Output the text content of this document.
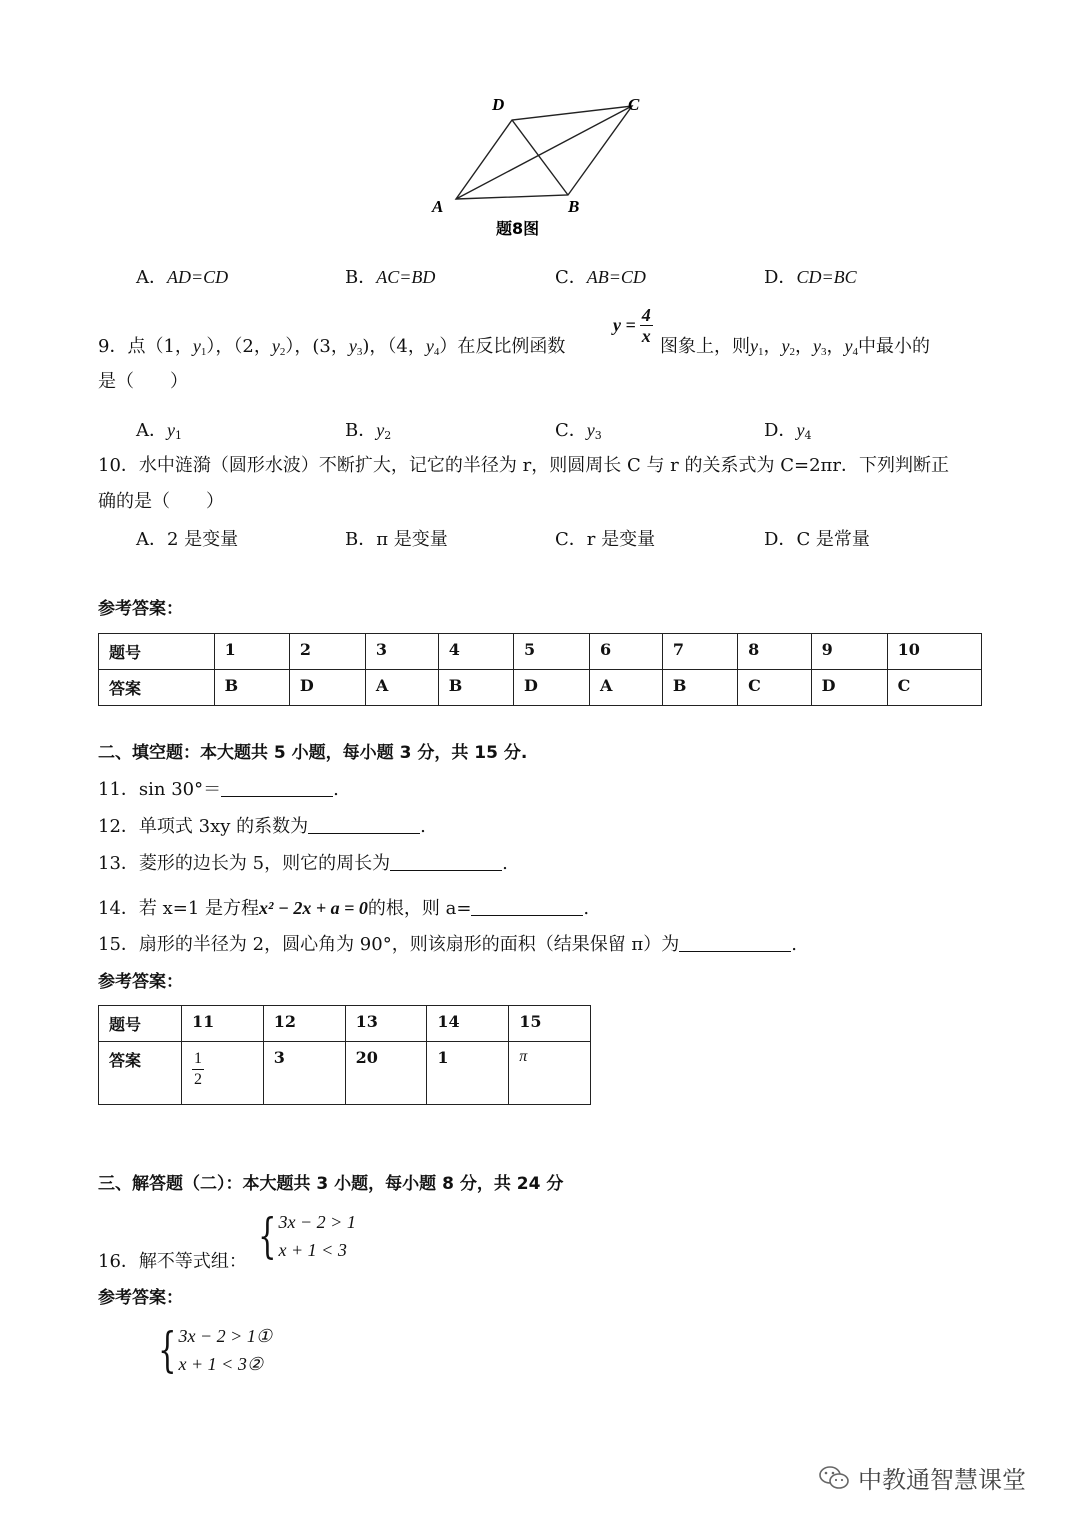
D	C
A	B
题8图
A．AD=CD	B．AC=BD	C．AB=CD	D．CD=BC
9．点（1，$y_1$），（2，$y_2$），(3，$y_3$)，（4，$y_4$）在反比例函数
$y = \frac{4}{x}$
图象上，则$y_1$，$y_2$，$y_3$，$y_4$中最小的
是（　　）
A．$y_1$	B．$y_2$	C．$y_3$	D．$y_4$
10．水中涟漪（圆形水波）不断扩大，记它的半径为 r，则圆周长 C 与 r 的关系式为 C=2πr．下列判断正
确的是（　　）
A．2 是变量	B．π 是变量	C．r 是变量	D．C 是常量
参考答案：
题号	1	2	3	4	5	6	7	8	9	10
答案	B	D	A	B	D	A	B	C	D	C
二、填空题：本大题共 5 小题，每小题 3 分，共 15 分.
11．sin 30°＝	.
12．单项式 3xy 的系数为	.
13．菱形的边长为 5，则它的周长为	.
14．若 x=1 是方程x² − 2x + a = 0的根，则 a=	.
15．扇形的半径为 2，圆心角为 90°，则该扇形的面积（结果保留 π）为	.
参考答案：
题号	11	12	13	14	15
答案	$\frac{1}{2}$	3	20	1	π
三、解答题（二）：本大题共 3 小题，每小题 8 分，共 24 分
16．解不等式组： { 3x − 2 > 1
x + 1 < 3
参考答案：
{ 3x − 2 > 1①
x + 1 < 3②
中教通智慧课堂
